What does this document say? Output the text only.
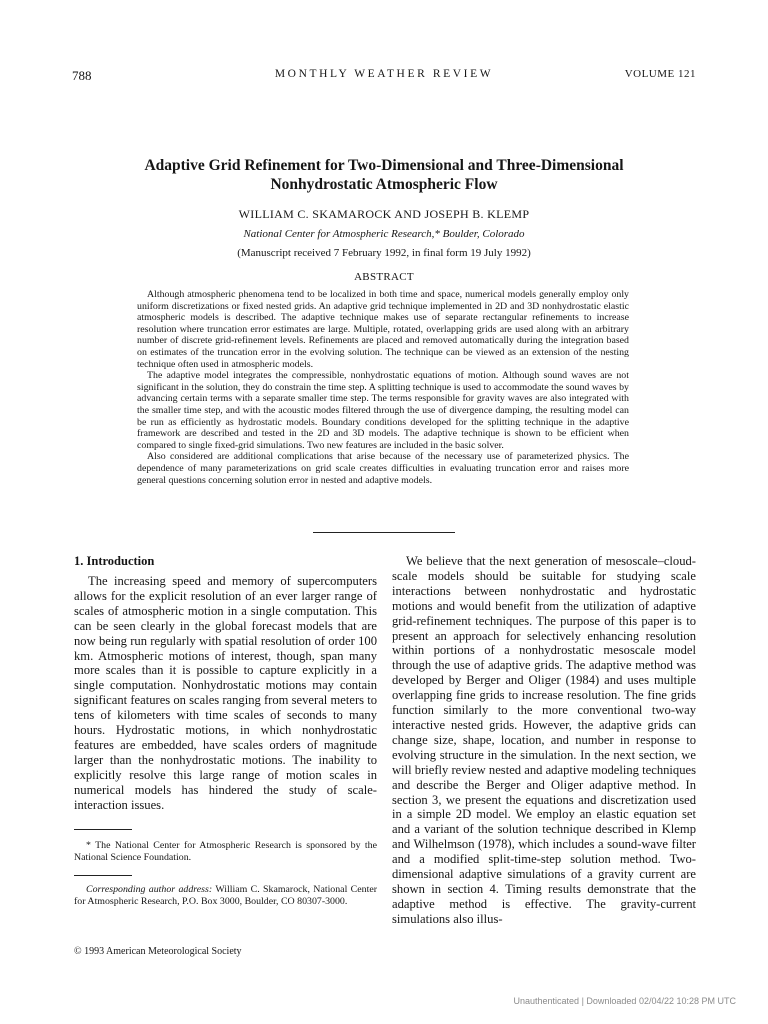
788	MONTHLY WEATHER REVIEW	VOLUME 121
Adaptive Grid Refinement for Two-Dimensional and Three-Dimensional
Nonhydrostatic Atmospheric Flow
WILLIAM C. SKAMAROCK AND JOSEPH B. KLEMP
National Center for Atmospheric Research,* Boulder, Colorado
(Manuscript received 7 February 1992, in final form 19 July 1992)
ABSTRACT

Although atmospheric phenomena tend to be localized in both time and space, numerical models generally employ only uniform discretizations or fixed nested grids. An adaptive grid technique implemented in 2D and 3D nonhydrostatic elastic atmospheric models is described. The adaptive technique makes use of separate rectangular refinements to increase resolution where truncation error estimates are large. Multiple, rotated, overlapping grids are used along with an arbitrary number of discrete grid-refinement levels. Refinements are placed and removed automatically during the integration based on estimates of the truncation error in the evolving solution. The technique can be viewed as an extension of the nesting technique often used in atmospheric models.

The adaptive model integrates the compressible, nonhydrostatic equations of motion. Although sound waves are not significant in the solution, they do constrain the time step. A splitting technique is used to accommodate the sound waves by advancing certain terms with a separate smaller time step. The terms responsible for gravity waves are also integrated with the smaller time step, and with the acoustic modes filtered through the use of divergence damping, the resulting model can be run as efficiently as hydrostatic models. Boundary conditions developed for the splitting technique in the adaptive framework are described and tested in the 2D and 3D models. The adaptive technique is shown to be efficient when compared to single fixed-grid simulations. Two new features are included in the basic solver.

Also considered are additional complications that arise because of the necessary use of parameterized physics. The dependence of many parameterizations on grid scale creates difficulties in evaluating truncation error and raises more general questions concerning solution error in nested and adaptive models.

1. Introduction

The increasing speed and memory of supercomputers allows for the explicit resolution of an ever larger range of scales of atmospheric motion in a single computation. This can be seen clearly in the global forecast models that are now being run regularly with spatial resolution of order 100 km. Atmospheric motions of interest, though, span many more scales than it is possible to capture explicitly in a single computation. Nonhydrostatic motions may contain significant features on scales ranging from several meters to tens of kilometers with time scales of seconds to many hours. Hydrostatic motions, in which nonhydrostatic features are embedded, have scales orders of magnitude larger than the nonhydrostatic motions. The inability to explicitly resolve this large range of motion scales in numerical models has hindered the study of scale-interaction issues.

We believe that the next generation of mesoscale–cloud-scale models should be suitable for studying scale interactions between nonhydrostatic and hydrostatic motions and would benefit from the utilization of adaptive grid-refinement techniques. The purpose of this paper is to present an approach for selectively enhancing resolution within portions of a nonhydrostatic mesoscale model through the use of adaptive grids. The adaptive method was developed by Berger and Oliger (1984) and uses multiple overlapping fine grids to increase resolution. The fine grids function similarly to the more conventional two-way interactive nested grids. However, the adaptive grids can change size, shape, location, and number in response to evolving structure in the simulation. In the next section, we will briefly review nested and adaptive modeling techniques and describe the Berger and Oliger adaptive method. In section 3, we present the equations and discretization used in a simple 2D model. We employ an elastic equation set and a variant of the solution technique described in Klemp and Wilhelmson (1978), which includes a sound-wave filter and a modified split-time-step solution method. Two-dimensional adaptive simulations of a gravity current are shown in section 4. Timing results demonstrate that the adaptive method is effective. The gravity-current simulations also illus-

* The National Center for Atmospheric Research is sponsored by the National Science Foundation.

Corresponding author address: William C. Skamarock, National Center for Atmospheric Research, P.O. Box 3000, Boulder, CO 80307-3000.

© 1993 American Meteorological Society
Unauthenticated | Downloaded 02/04/22 10:28 PM UTC
